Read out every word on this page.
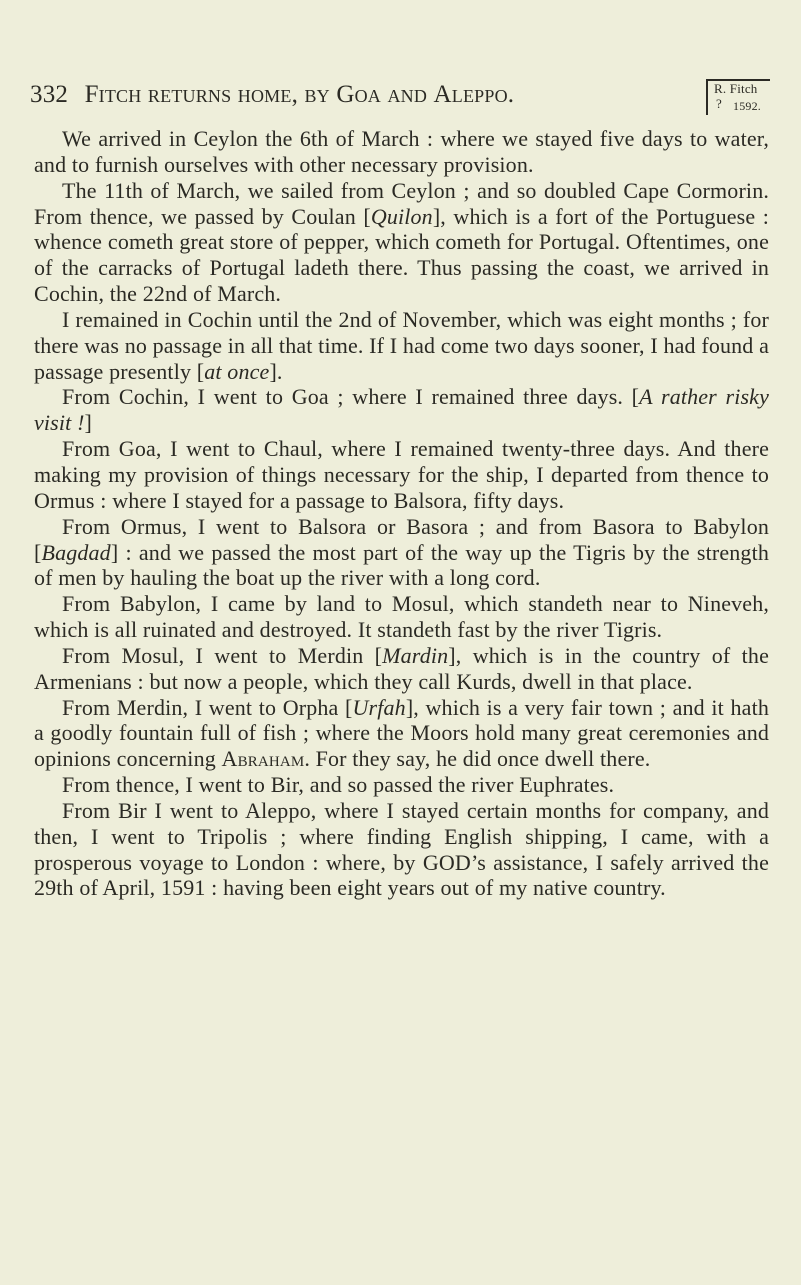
332 Fitch returns home, by Goa and Aleppo.	R. Fitch
? 1592.

We arrived in Ceylon the 6th of March : where we stayed five days to water, and to furnish ourselves with other necessary provision.

The 11th of March, we sailed from Ceylon ; and so doubled Cape Cormorin. From thence, we passed by Coulan [Quilon], which is a fort of the Portuguese : whence cometh great store of pepper, which cometh for Portugal. Oftentimes, one of the carracks of Portugal ladeth there. Thus passing the coast, we arrived in Cochin, the 22nd of March.

I remained in Cochin until the 2nd of November, which was eight months ; for there was no passage in all that time. If I had come two days sooner, I had found a passage presently [at once].

From Cochin, I went to Goa ; where I remained three days. [A rather risky visit !]

From Goa, I went to Chaul, where I remained twenty-three days. And there making my provision of things necessary for the ship, I departed from thence to Ormus : where I stayed for a passage to Balsora, fifty days.

From Ormus, I went to Balsora or Basora ; and from Basora to Babylon [Bagdad] : and we passed the most part of the way up the Tigris by the strength of men by hauling the boat up the river with a long cord.

From Babylon, I came by land to Mosul, which standeth near to Nineveh, which is all ruinated and destroyed. It standeth fast by the river Tigris.

From Mosul, I went to Merdin [Mardin], which is in the country of the Armenians : but now a people, which they call Kurds, dwell in that place.

From Merdin, I went to Orpha [Urfah], which is a very fair town ; and it hath a goodly fountain full of fish ; where the Moors hold many great ceremonies and opinions concerning Abraham. For they say, he did once dwell there.

From thence, I went to Bir, and so passed the river Euphrates.

From Bir I went to Aleppo, where I stayed certain months for company, and then, I went to Tripolis ; where finding English shipping, I came, with a prosperous voyage to London : where, by GOD’s assistance, I safely arrived the 29th of April, 1591 : having been eight years out of my native country.
